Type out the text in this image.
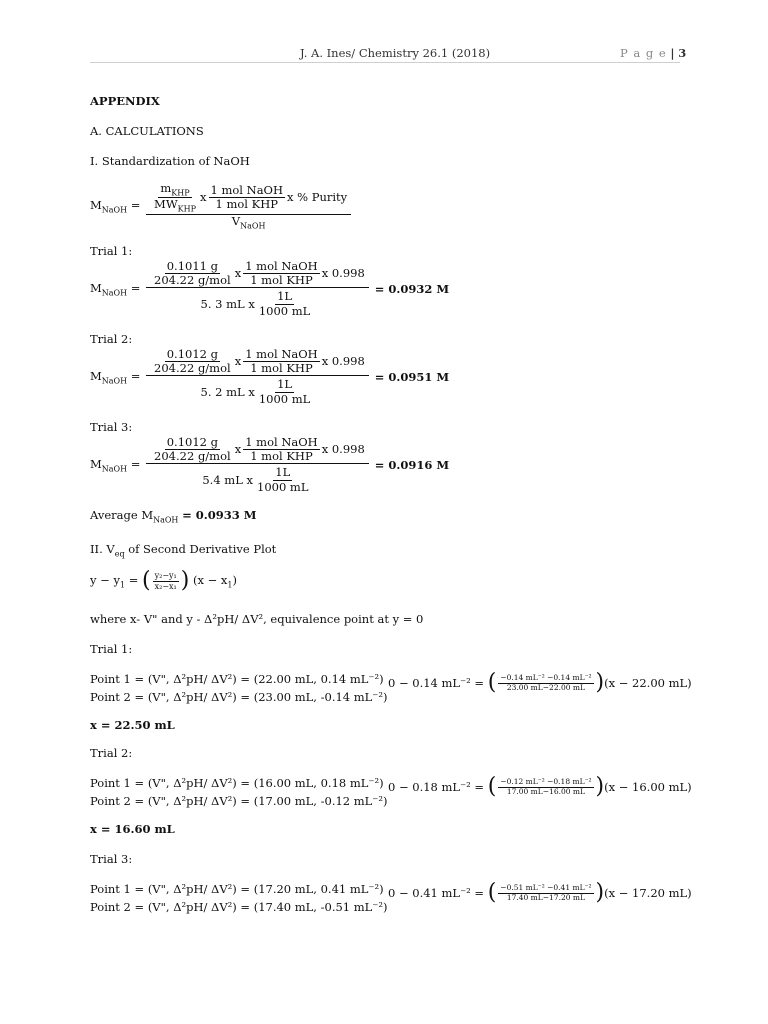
J. A. Ines/ Chemistry 26.1 (2018)	P a g e | 3
APPENDIX
A. CALCULATIONS
I. Standardization of NaOH
$M_{NaOH} = \frac{m_{KHP}}{MW_{KHP}}$ x $\frac{\text{1 mol NaOH}}{\text{1 mol KHP}}$ x % Purity
$V_{NaOH}$
Trial 1:
$M_{NaOH}$ =
$\frac{0.1011 g}{\text{204.22 g/mol}}$ x $\frac{\text{1 mol NaOH}}{\text{1 mol KHP}}$ x 0.998
5. 3 mL x $\frac{1L}{1000 mL}$
= 0.0932 M
Trial 2:
$M_{NaOH}$ =
$\frac{0.1012 g}{\text{204.22 g/mol}}$ x $\frac{\text{1 mol NaOH}}{\text{1 mol KHP}}$ x 0.998
5. 2 mL x $\frac{1L}{1000 mL}$
= 0.0951 M
Trial 3:
$M_{NaOH}$ =
$\frac{0.1012 g}{\text{204.22 g/mol}}$ x $\frac{\text{1 mol NaOH}}{\text{1 mol KHP}}$ x 0.998
5.4 mL x $\frac{1L}{1000 mL}$
= 0.0916 M
Average $M_{NaOH} = 0.0933$ M
II. $V_{eq}$ of Second Derivative Plot
$y - y_1$ = ( $\frac{\text{y₂−y₁}}{\text{x₂−x₁}}$ ) $(x - x_1)$
where x- V" and y - Δ²pH/ ΔV², equivalence point at y = 0
Trial 1:
Point 1 = (V", Δ²pH/ ΔV²) = (22.00 mL, 0.14 mL⁻²)
Point 2 = (V", Δ²pH/ ΔV²) = (23.00 mL, -0.14 mL⁻²)
0 − 0.14 mL⁻² =
( $\frac{\text{−0.14 mL⁻² −0.14 mL⁻²}}{23.00 mL-22.00 mL}$ ) (x − 22.00 mL)
x = 22.50 mL
Trial 2:
Point 1 = (V", Δ²pH/ ΔV²) = (16.00 mL, 0.18 mL⁻²)
Point 2 = (V", Δ²pH/ ΔV²) = (17.00 mL, -0.12 mL⁻²)
0 − 0.18 mL⁻² =
( $\frac{\text{−0.12 mL⁻² −0.18 mL⁻²}}{17.00 mL-16.00 mL}$ ) (x − 16.00 mL)
x = 16.60 mL
Trial 3:
Point 1 = (V", Δ²pH/ ΔV²) = (17.20 mL, 0.41 mL⁻²)
Point 2 = (V", Δ²pH/ ΔV²) = (17.40 mL, -0.51 mL⁻²)
0 − 0.41 mL⁻² =
( $\frac{\text{−0.51 mL⁻² −0.41 mL⁻²}}{17.40 mL-17.20 mL}$ ) (x − 17.20 mL)
